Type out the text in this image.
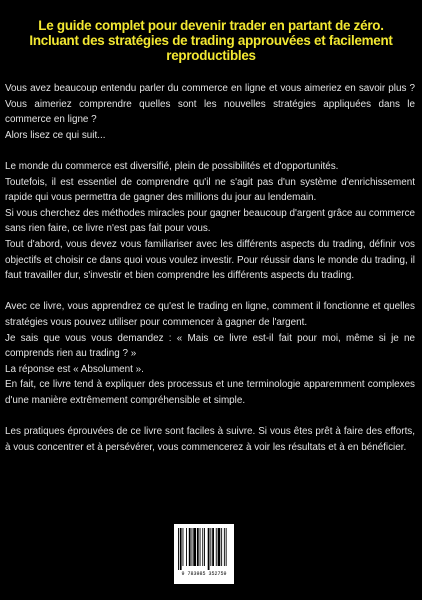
Le guide complet pour devenir trader en partant de zéro.
Incluant des stratégies de trading approuvées et facilement
reproductibles

Vous avez beaucoup entendu parler du commerce en ligne et vous aimeriez en savoir plus ? Vous aimeriez comprendre quelles sont les nouvelles stratégies appliquées dans le commerce en ligne ?

Alors lisez ce qui suit...

Le monde du commerce est diversifié, plein de possibilités et d'opportunités.

Toutefois, il est essentiel de comprendre qu'il ne s'agit pas d'un système d'enrichissement rapide qui vous permettra de gagner des millions du jour au lendemain.

Si vous cherchez des méthodes miracles pour gagner beaucoup d'argent grâce au commerce sans rien faire, ce livre n'est pas fait pour vous.

Tout d'abord, vous devez vous familiariser avec les différents aspects du trading, définir vos objectifs et choisir ce dans quoi vous voulez investir. Pour réussir dans le monde du trading, il faut travailler dur, s'investir et bien comprendre les différents aspects du trading.

Avec ce livre, vous apprendrez ce qu'est le trading en ligne, comment il fonctionne et quelles stratégies vous pouvez utiliser pour commencer à gagner de l'argent.

Je sais que vous vous demandez : « Mais ce livre est-il fait pour moi, même si je ne comprends rien au trading ? »

La réponse est « Absolument ».

En fait, ce livre tend à expliquer des processus et une terminologie apparemment complexes d'une manière extrêmement compréhensible et simple.

Les pratiques éprouvées de ce livre sont faciles à suivre. Si vous êtes prêt à faire des efforts, à vous concentrer et à persévérer, vous commencerez à voir les résultats et à en bénéficier.

9 783985 352759
